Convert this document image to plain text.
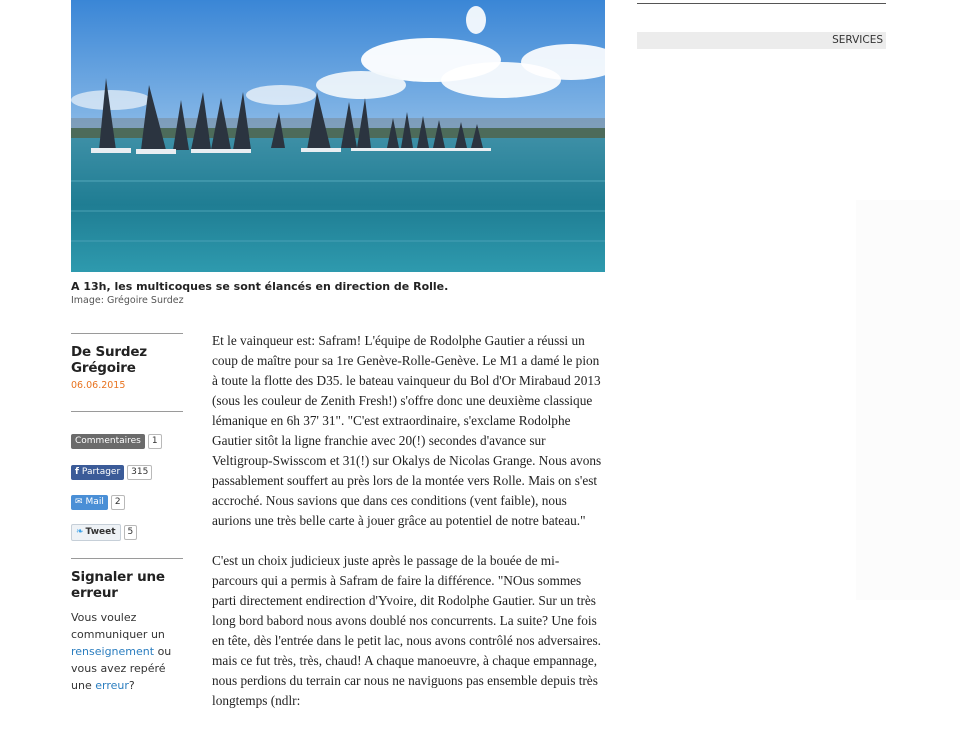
A 13h, les multicoques se sont élancés en direction de Rolle.
Image: Grégoire Surdez
De Surdez Grégoire
06.06.2015
Commentaires 1
f Partager 315
✉ Mail 2
❧ Tweet 5
Signaler une erreur

Vous voulez communiquer un renseignement ou vous avez repéré une erreur?

Et le vainqueur est: Safram! L'équipe de Rodolphe Gautier a réussi un coup de maître pour sa 1re Genève-Rolle-Genève. Le M1 a damé le pion à toute la flotte des D35. le bateau vainqueur du Bol d'Or Mirabaud 2013 (sous les couleur de Zenith Fresh!) s'offre donc une deuxième classique lémanique en 6h 37' 31". "C'est extraordinaire, s'exclame Rodolphe Gautier sitôt la ligne franchie avec 20(!) secondes d'avance sur Veltigroup-Swisscom et 31(!) sur Okalys de Nicolas Grange. Nous avons passablement souffert au près lors de la montée vers Rolle. Mais on s'est accroché. Nous savions que dans ces conditions (vent faible), nous aurions une très belle carte à jouer grâce au potentiel de notre bateau."

C'est un choix judicieux juste après le passage de la bouée de mi-parcours qui a permis à Safram de faire la différence. "NOus sommes parti directement endirection d'Yvoire, dit Rodolphe Gautier. Sur un très long bord babord nous avons doublé nos concurrents. La suite? Une fois en tête, dès l'entrée dans le petit lac, nous avons contrôlé nos adversaires. mais ce fut très, très, chaud! A chaque manoeuvre, à chaque empannage, nous perdions du terrain car nous ne naviguons pas ensemble depuis très longtemps (ndlr:

SERVICES
